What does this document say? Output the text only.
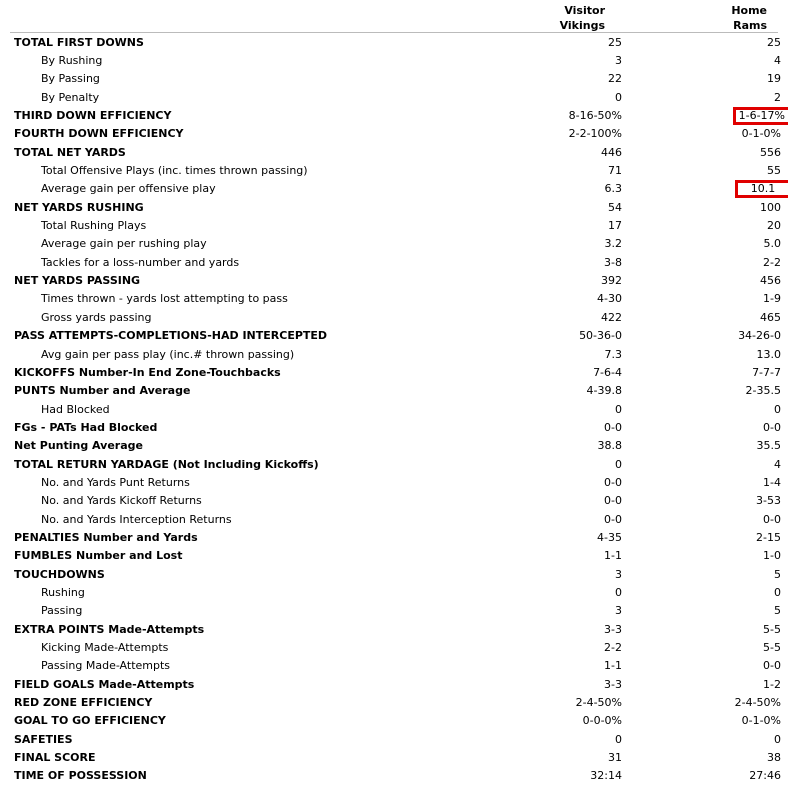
Visitor
Vikings
Home
Rams
TOTAL FIRST DOWNS	25	25
By Rushing	3	4
By Passing	22	19
By Penalty	0	2
THIRD DOWN EFFICIENCY	8-16-50%	1-6-17%
FOURTH DOWN EFFICIENCY	2-2-100%	0-1-0%
TOTAL NET YARDS	446	556
Total Offensive Plays (inc. times thrown passing)	71	55
Average gain per offensive play	6.3	10.1
NET YARDS RUSHING	54	100
Total Rushing Plays	17	20
Average gain per rushing play	3.2	5.0
Tackles for a loss-number and yards	3-8	2-2
NET YARDS PASSING	392	456
Times thrown - yards lost attempting to pass	4-30	1-9
Gross yards passing	422	465
PASS ATTEMPTS-COMPLETIONS-HAD INTERCEPTED	50-36-0	34-26-0
Avg gain per pass play (inc.# thrown passing)	7.3	13.0
KICKOFFS Number-In End Zone-Touchbacks	7-6-4	7-7-7
PUNTS Number and Average	4-39.8	2-35.5
Had Blocked	0	0
FGs - PATs Had Blocked	0-0	0-0
Net Punting Average	38.8	35.5
TOTAL RETURN YARDAGE (Not Including Kickoffs)	0	4
No. and Yards Punt Returns	0-0	1-4
No. and Yards Kickoff Returns	0-0	3-53
No. and Yards Interception Returns	0-0	0-0
PENALTIES Number and Yards	4-35	2-15
FUMBLES Number and Lost	1-1	1-0
TOUCHDOWNS	3	5
Rushing	0	0
Passing	3	5
EXTRA POINTS Made-Attempts	3-3	5-5
Kicking Made-Attempts	2-2	5-5
Passing Made-Attempts	1-1	0-0
FIELD GOALS Made-Attempts	3-3	1-2
RED ZONE EFFICIENCY	2-4-50%	2-4-50%
GOAL TO GO EFFICIENCY	0-0-0%	0-1-0%
SAFETIES	0	0
FINAL SCORE	31	38
TIME OF POSSESSION	32:14	27:46
